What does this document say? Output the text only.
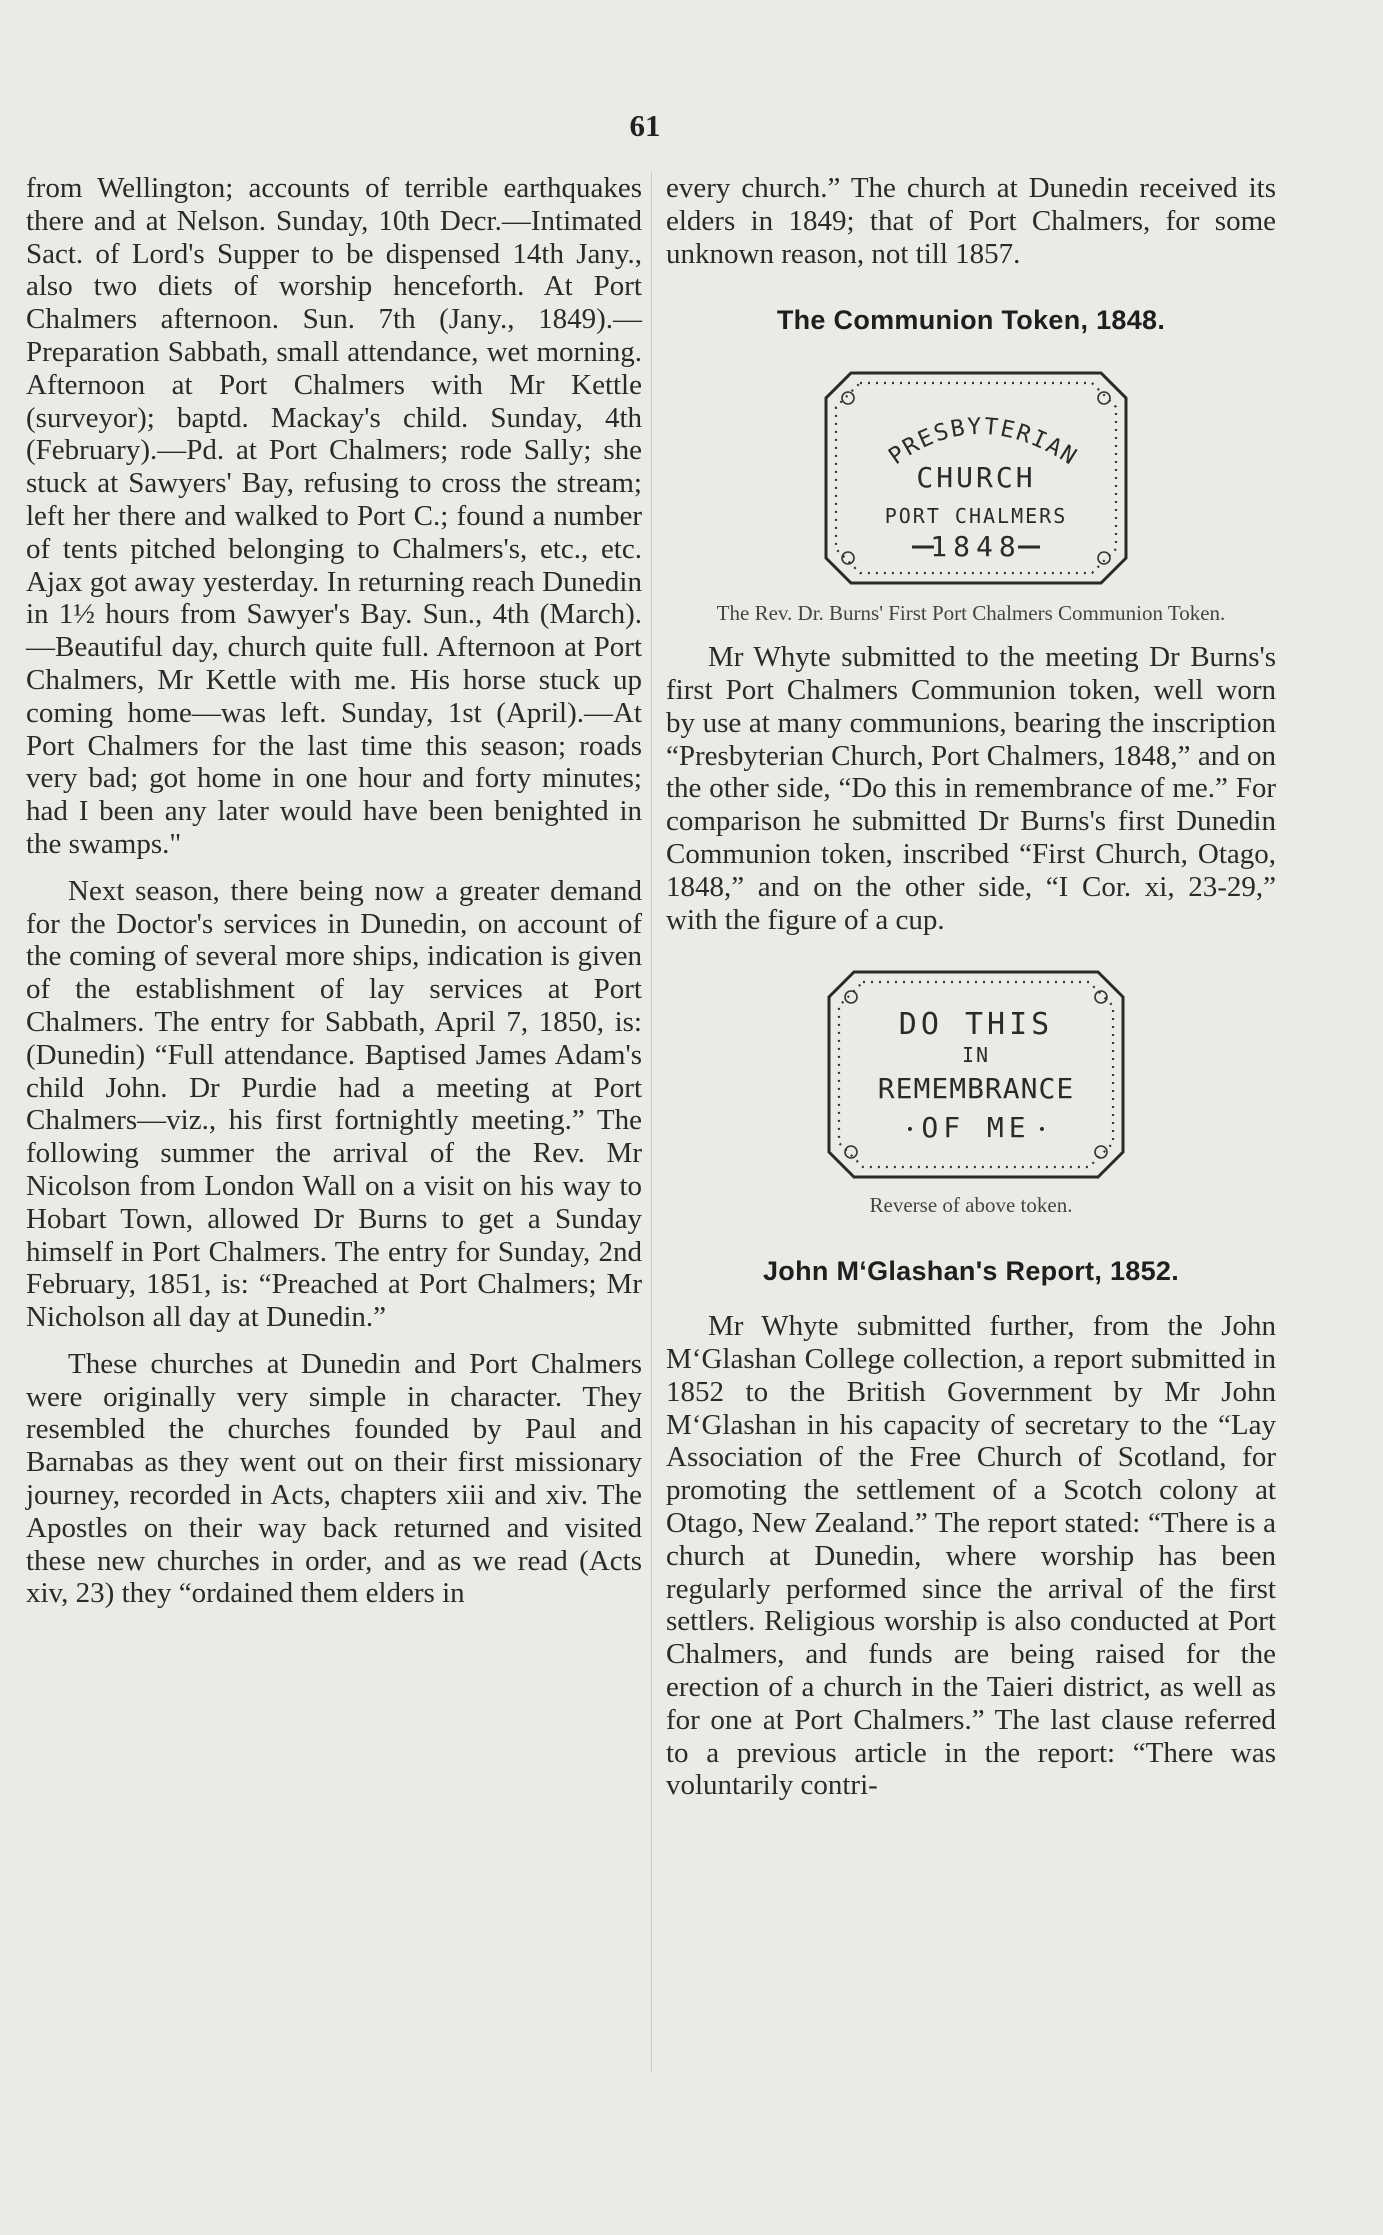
61

from Wellington; accounts of terrible earthquakes there and at Nelson. Sunday, 10th Decr.—Intimated Sact. of Lord's Supper to be dispensed 14th Jany., also two diets of worship henceforth. At Port Chalmers afternoon. Sun. 7th (Jany., 1849).—Preparation Sabbath, small attendance, wet morning. Afternoon at Port Chalmers with Mr Kettle (surveyor); baptd. Mackay's child. Sunday, 4th (February).—Pd. at Port Chalmers; rode Sally; she stuck at Sawyers' Bay, refusing to cross the stream; left her there and walked to Port C.; found a number of tents pitched belonging to Chalmers's, etc., etc. Ajax got away yesterday. In returning reach Dunedin in 1½ hours from Sawyer's Bay. Sun., 4th (March). —Beautiful day, church quite full. Afternoon at Port Chalmers, Mr Kettle with me. His horse stuck up coming home—was left. Sunday, 1st (April).—At Port Chalmers for the last time this season; roads very bad; got home in one hour and forty minutes; had I been any later would have been benighted in the swamps."

Next season, there being now a greater demand for the Doctor's services in Dunedin, on account of the coming of several more ships, indication is given of the establishment of lay services at Port Chalmers. The entry for Sabbath, April 7, 1850, is: (Dunedin) “Full attendance. Baptised James Adam's child John. Dr Purdie had a meeting at Port Chalmers—viz., his first fortnightly meeting.” The following summer the arrival of the Rev. Mr Nicolson from London Wall on a visit on his way to Hobart Town, allowed Dr Burns to get a Sunday himself in Port Chalmers. The entry for Sunday, 2nd February, 1851, is: “Preached at Port Chalmers; Mr Nicholson all day at Dunedin.”

These churches at Dunedin and Port Chalmers were originally very simple in character. They resembled the churches founded by Paul and Barnabas as they went out on their first missionary journey, recorded in Acts, chapters xiii and xiv. The Apostles on their way back returned and visited these new churches in order, and as we read (Acts xiv, 23) they “ordained them elders in

every church.” The church at Dunedin received its elders in 1849; that of Port Chalmers, for some unknown reason, not till 1857.

The Communion Token, 1848.
PRESBYTERIAN
CHURCH
PORT CHALMERS
1848
The Rev. Dr. Burns' First Port Chalmers Communion Token.

Mr Whyte submitted to the meeting Dr Burns's first Port Chalmers Communion token, well worn by use at many communions, bearing the inscription “Presbyterian Church, Port Chalmers, 1848,” and on the other side, “Do this in remembrance of me.” For comparison he submitted Dr Burns's first Dunedin Communion token, inscribed “First Church, Otago, 1848,” and on the other side, “I Cor. xi, 23-29,” with the figure of a cup.

DO THIS
IN
REMEMBRANCE
OF ME
•	•
Reverse of above token.
John M‘Glashan's Report, 1852.

Mr Whyte submitted further, from the John M‘Glashan College collection, a report submitted in 1852 to the British Government by Mr John M‘Glashan in his capacity of secretary to the “Lay Association of the Free Church of Scotland, for promoting the settlement of a Scotch colony at Otago, New Zealand.” The report stated: “There is a church at Dunedin, where worship has been regularly performed since the arrival of the first settlers. Religious worship is also conducted at Port Chalmers, and funds are being raised for the erection of a church in the Taieri district, as well as for one at Port Chalmers.” The last clause referred to a previous article in the report: “There was voluntarily contri-
